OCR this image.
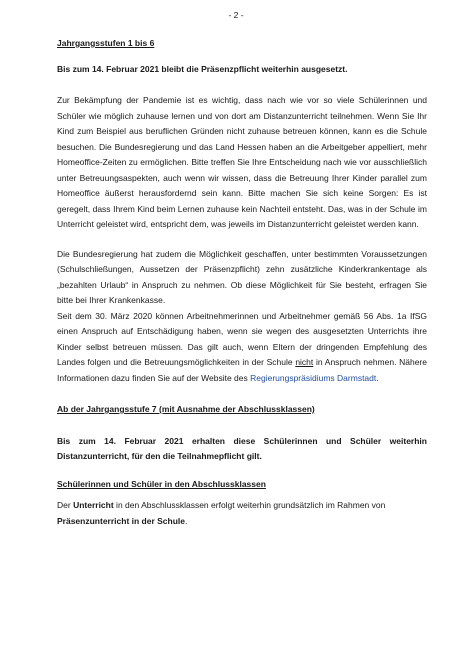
- 2 -

Jahrgangsstufen 1 bis 6

Bis zum 14. Februar 2021 bleibt die Präsenzpflicht weiterhin ausgesetzt.

Zur Bekämpfung der Pandemie ist es wichtig, dass nach wie vor so viele Schülerinnen und Schüler wie möglich zuhause lernen und von dort am Distanzunterricht teilnehmen. Wenn Sie Ihr Kind zum Beispiel aus beruflichen Gründen nicht zuhause betreuen können, kann es die Schule besuchen. Die Bundesregierung und das Land Hessen haben an die Arbeitgeber appelliert, mehr Homeoffice-Zeiten zu ermöglichen. Bitte treffen Sie Ihre Entscheidung nach wie vor ausschließlich unter Betreuungsaspekten, auch wenn wir wissen, dass die Betreuung Ihrer Kinder parallel zum Homeoffice äußerst herausfordernd sein kann. Bitte machen Sie sich keine Sorgen: Es ist geregelt, dass Ihrem Kind beim Lernen zuhause kein Nachteil entsteht. Das, was in der Schule im Unterricht geleistet wird, entspricht dem, was jeweils im Distanzunterricht geleistet werden kann.

Die Bundesregierung hat zudem die Möglichkeit geschaffen, unter bestimmten Voraussetzungen (Schulschließungen, Aussetzen der Präsenzpflicht) zehn zusätzliche Kinderkrankentage als „bezahlten Urlaub“ in Anspruch zu nehmen. Ob diese Möglichkeit für Sie besteht, erfragen Sie bitte bei Ihrer Krankenkasse.

Seit dem 30. März 2020 können Arbeitnehmerinnen und Arbeitnehmer gemäß 56 Abs. 1a IfSG einen Anspruch auf Entschädigung haben, wenn sie wegen des ausgesetzten Unterrichts ihre Kinder selbst betreuen müssen. Das gilt auch, wenn Eltern der dringenden Empfehlung des Landes folgen und die Betreuungsmöglichkeiten in der Schule nicht in Anspruch nehmen. Nähere Informationen dazu finden Sie auf der Website des Regierungspräsidiums Darmstadt.

Ab der Jahrgangsstufe 7 (mit Ausnahme der Abschlussklassen)

Bis zum 14. Februar 2021 erhalten diese Schülerinnen und Schüler weiterhin Distanzunterricht, für den die Teilnahmepflicht gilt.

Schülerinnen und Schüler in den Abschlussklassen

Der Unterricht in den Abschlussklassen erfolgt weiterhin grundsätzlich im Rahmen von Präsenzunterricht in der Schule.
